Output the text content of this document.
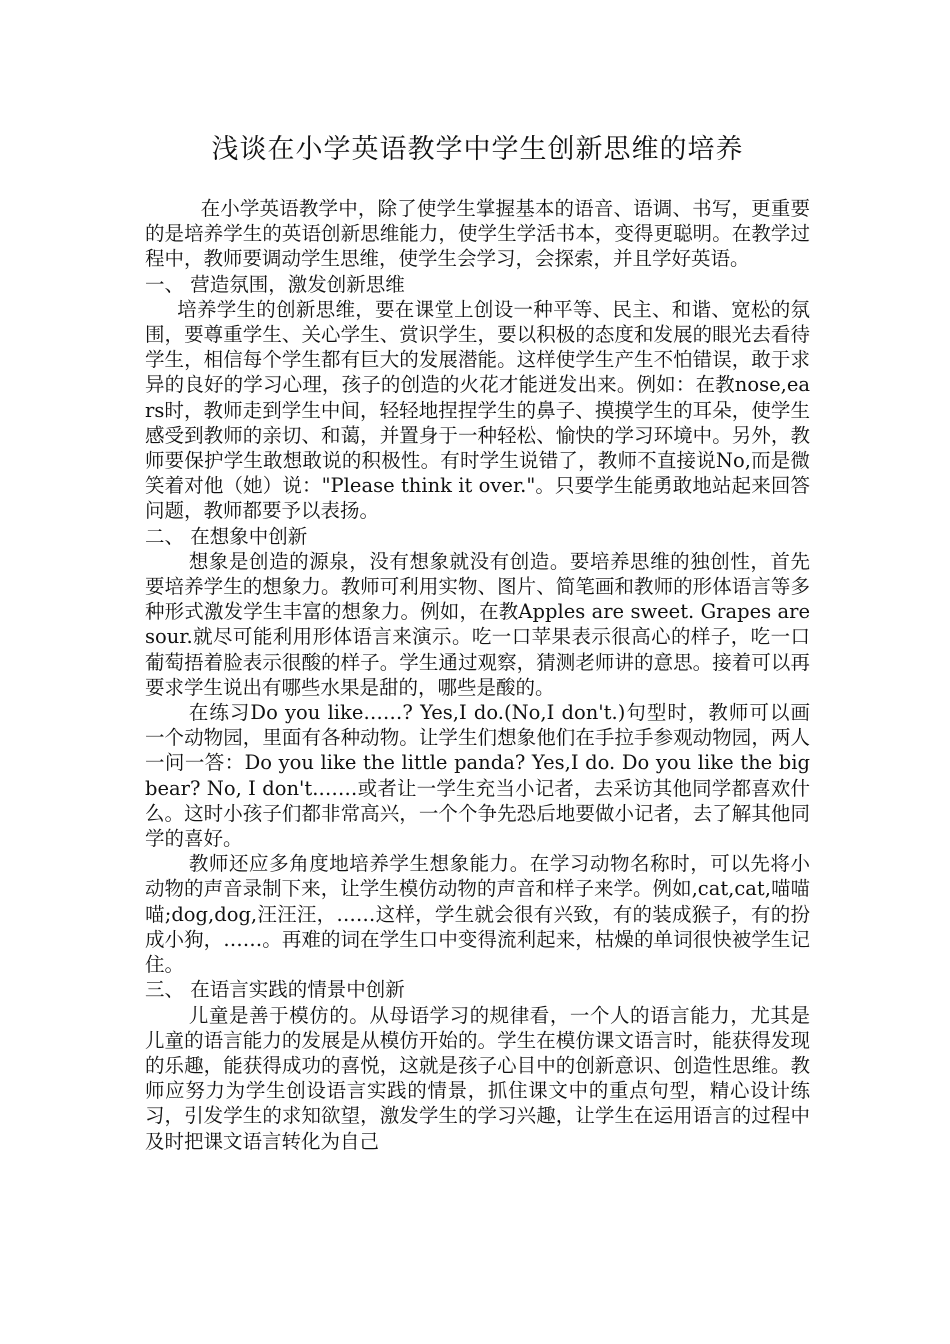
浅谈在小学英语教学中学生创新思维的培养

在小学英语教学中，除了使学生掌握基本的语音、语调、书写，更重要的是培养学生的英语创新思维能力，使学生学活书本，变得更聪明。在教学过程中，教师要调动学生思维，使学生会学习，会探索，并且学好英语。

一、 营造氛围，激发创新思维

培养学生的创新思维，要在课堂上创设一种平等、民主、和谐、宽松的氛围，要尊重学生、关心学生、赏识学生，要以积极的态度和发展的眼光去看待学生，相信每个学生都有巨大的发展潜能。这样使学生产生不怕错误，敢于求异的良好的学习心理，孩子的创造的火花才能迸发出来。例如：在教nose,ears时，教师走到学生中间，轻轻地捏捏学生的鼻子、摸摸学生的耳朵，使学生感受到教师的亲切、和蔼，并置身于一种轻松、愉快的学习环境中。另外，教师要保护学生敢想敢说的积极性。有时学生说错了，教师不直接说No,而是微笑着对他（她）说："Please think it over."。只要学生能勇敢地站起来回答问题，教师都要予以表扬。

二、 在想象中创新

想象是创造的源泉，没有想象就没有创造。要培养思维的独创性，首先要培养学生的想象力。教师可利用实物、图片、简笔画和教师的形体语言等多种形式激发学生丰富的想象力。例如，在教Apples are sweet. Grapes are sour.就尽可能利用形体语言来演示。吃一口苹果表示很高心的样子，吃一口葡萄捂着脸表示很酸的样子。学生通过观察，猜测老师讲的意思。接着可以再要求学生说出有哪些水果是甜的，哪些是酸的。

在练习Do you like……? Yes,I do.(No,I don't.)句型时，教师可以画一个动物园，里面有各种动物。让学生们想象他们在手拉手参观动物园，两人一问一答：Do you like the little panda? Yes,I do. Do you like the big bear? No, I don't.……或者让一学生充当小记者，去采访其他同学都喜欢什么。这时小孩子们都非常高兴，一个个争先恐后地要做小记者，去了解其他同学的喜好。

教师还应多角度地培养学生想象能力。在学习动物名称时，可以先将小动物的声音录制下来，让学生模仿动物的声音和样子来学。例如,cat,cat,喵喵喵;dog,dog,汪汪汪，……这样，学生就会很有兴致，有的装成猴子，有的扮成小狗，……。再难的词在学生口中变得流利起来，枯燥的单词很快被学生记住。

三、 在语言实践的情景中创新

儿童是善于模仿的。从母语学习的规律看，一个人的语言能力，尤其是儿童的语言能力的发展是从模仿开始的。学生在模仿课文语言时，能获得发现的乐趣，能获得成功的喜悦，这就是孩子心目中的创新意识、创造性思维。教师应努力为学生创设语言实践的情景，抓住课文中的重点句型，精心设计练习，引发学生的求知欲望，激发学生的学习兴趣，让学生在运用语言的过程中及时把课文语言转化为自己
